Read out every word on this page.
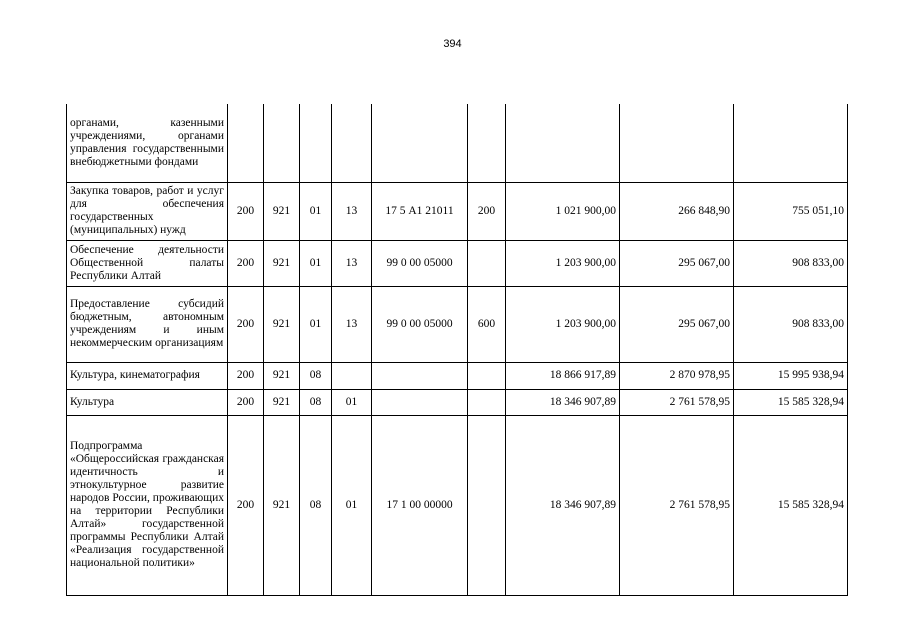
394
органами, казенными учреждениями, органами управления государственными внебюджетными фондами									
Закупка товаров, работ и услуг для обеспечения государственных (муниципальных) нужд	200	921	01	13	17 5 А1 21011	200	1 021 900,00	266 848,90	755 051,10
Обеспечение деятельности Общественной палаты Республики Алтай	200	921	01	13	99 0 00 05000		1 203 900,00	295 067,00	908 833,00
Предоставление субсидий бюджетным, автономным учреждениям и иным некоммерческим организациям	200	921	01	13	99 0 00 05000	600	1 203 900,00	295 067,00	908 833,00
Культура, кинематография	200	921	08				18 866 917,89	2 870 978,95	15 995 938,94
Культура	200	921	08	01			18 346 907,89	2 761 578,95	15 585 328,94
Подпрограмма «Общероссийская гражданская идентичность и этнокультурное развитие народов России, проживающих на территории Республики Алтай» государственной программы Республики Алтай «Реализация государственной национальной политики»	200	921	08	01	17 1 00 00000		18 346 907,89	2 761 578,95	15 585 328,94
